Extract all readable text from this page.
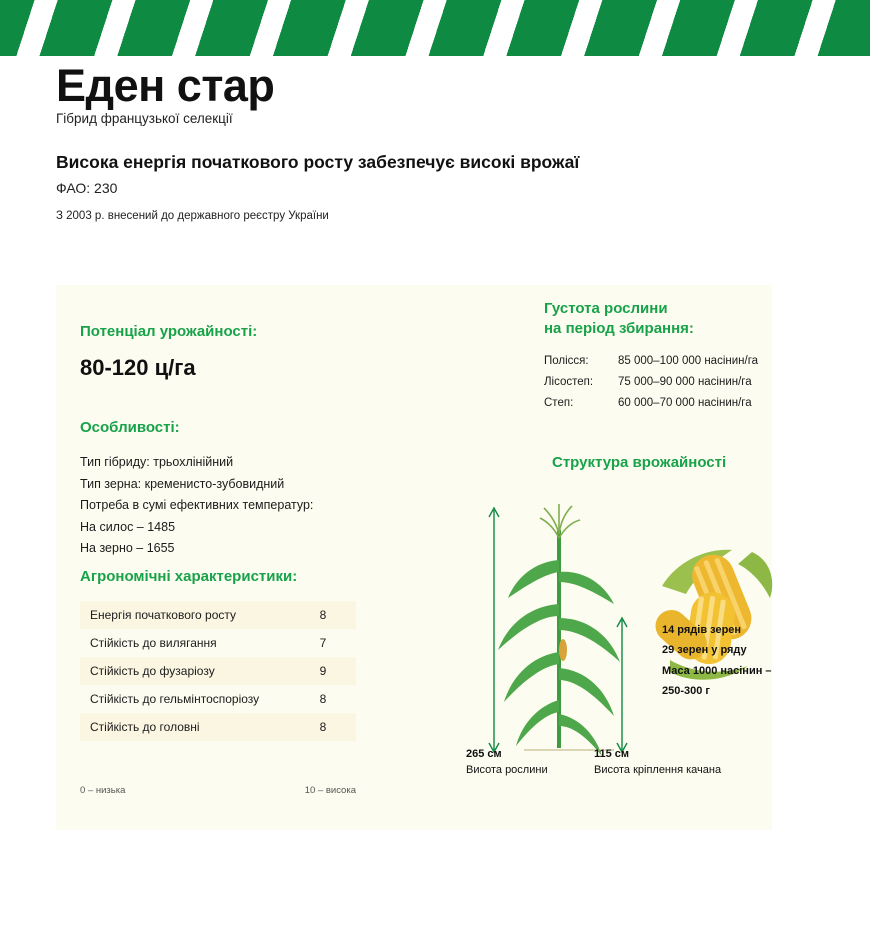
Еден стар
Гібрид французької селекції
Висока енергія початкового росту забезпечує високі врожаї
ФАО: 230
З 2003 р. внесений до державного реєстру України
Потенціал урожайності:
80-120 ц/га
Особливості:
Тип гібриду: трьохлінійний
Тип зерна: кременисто-зубовидний
Потреба в сумі ефективних температур:
На силос – 1485
На зерно – 1655
Агрономічні характеристики:
Енергія початкового росту	8
Стійкість до вилягання	7
Стійкість до фузаріозу	9
Стійкість до гельмінтоспоріозу	8
Стійкість до головні	8
0 – низька	10 – висока
Густота рослини
на період збирання:
Полісся:	85 000–100 000 насінин/га
Лісостеп: 75 000–90 000 насінин/га
Степ:	60 000–70 000 насінин/га
Структура врожайності
14 рядів зерен
29 зерен у ряду
Маса 1000 насінин –
250-300 г
265 см
Висота рослини
115 см
Висота кріплення качана
